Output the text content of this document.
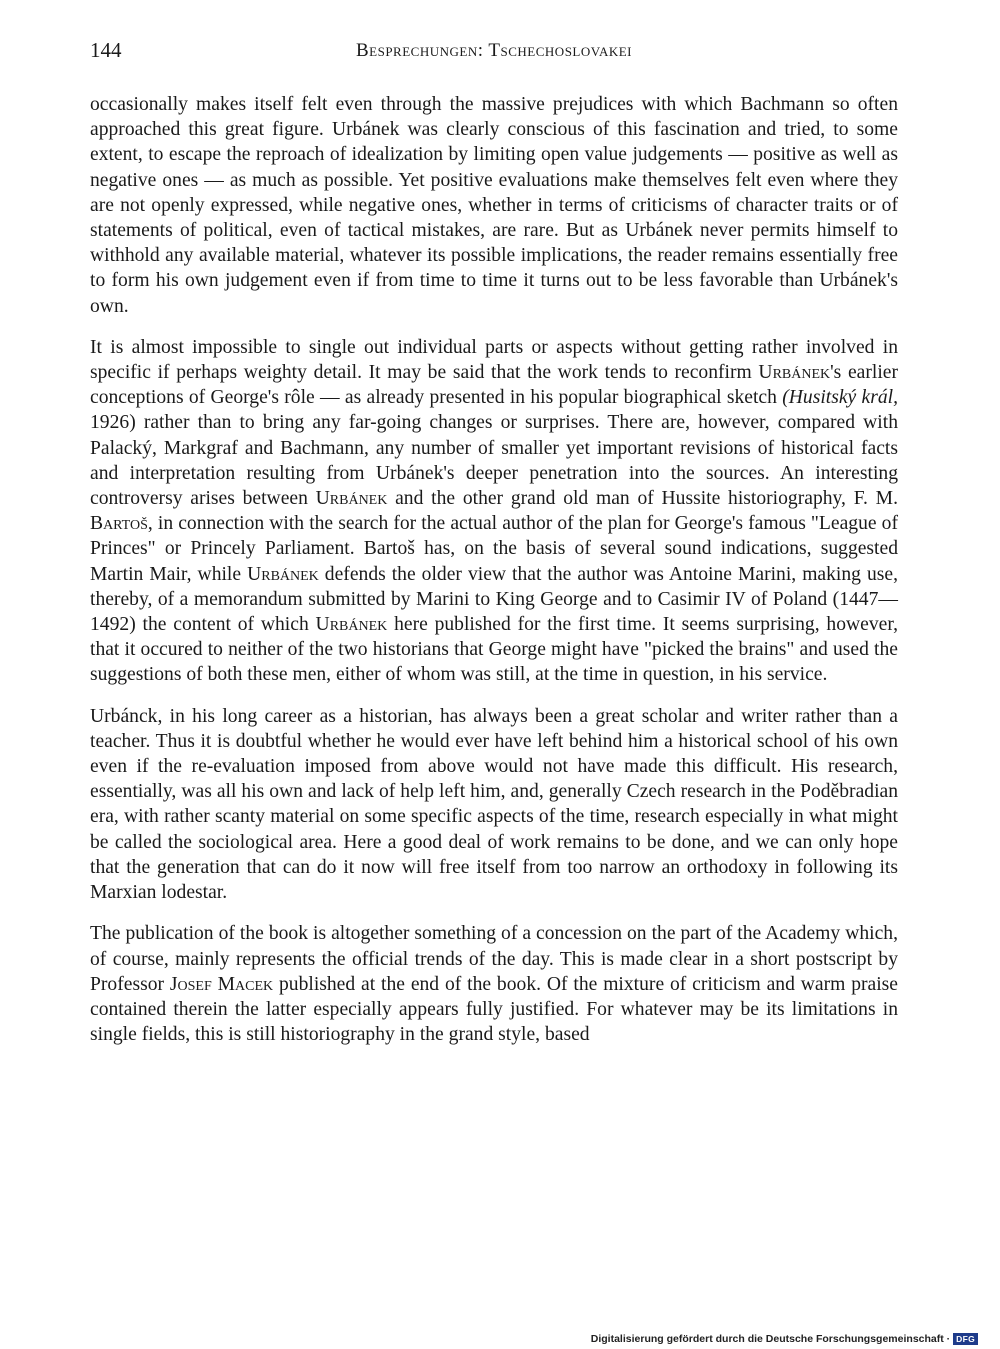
144	Besprechungen: Tschechoslovakei

occasionally makes itself felt even through the massive prejudices with which Bachmann so often approached this great figure. Urbánek was clearly conscious of this fascination and tried, to some extent, to escape the reproach of idealization by limiting open value judgements — positive as well as negative ones — as much as possible. Yet positive evaluations make themselves felt even where they are not openly expressed, while negative ones, whether in terms of criticisms of character traits or of statements of political, even of tactical mistakes, are rare. But as Urbánek never permits himself to withhold any available material, whatever its possible implications, the reader remains essentially free to form his own judgement even if from time to time it turns out to be less favorable than Urbánek's own.

It is almost impossible to single out individual parts or aspects without getting rather involved in specific if perhaps weighty detail. It may be said that the work tends to reconfirm Urbánek's earlier conceptions of George's rôle — as already presented in his popular biographical sketch (Husitský král, 1926) rather than to bring any far-going changes or surprises. There are, however, compared with Palacký, Markgraf and Bachmann, any number of smaller yet important revisions of historical facts and interpretation resulting from Urbánek's deeper penetration into the sources. An interesting controversy arises between Urbánek and the other grand old man of Hussite historiography, F. M. Bartoš, in connection with the search for the actual author of the plan for George's famous "League of Princes" or Princely Parliament. Bartoš has, on the basis of several sound indications, suggested Martin Mair, while Urbánek defends the older view that the author was Antoine Marini, making use, thereby, of a memorandum submitted by Marini to King George and to Casimir IV of Poland (1447—1492) the content of which Urbánek here published for the first time. It seems surprising, however, that it occured to neither of the two historians that George might have "picked the brains" and used the suggestions of both these men, either of whom was still, at the time in question, in his service.

Urbánck, in his long career as a historian, has always been a great scholar and writer rather than a teacher. Thus it is doubtful whether he would ever have left behind him a historical school of his own even if the re-evaluation imposed from above would not have made this difficult. His research, essentially, was all his own and lack of help left him, and, generally Czech research in the Poděbradian era, with rather scanty material on some specific aspects of the time, research especially in what might be called the sociological area. Here a good deal of work remains to be done, and we can only hope that the generation that can do it now will free itself from too narrow an orthodoxy in following its Marxian lodestar.

The publication of the book is altogether something of a concession on the part of the Academy which, of course, mainly represents the official trends of the day. This is made clear in a short postscript by Professor Josef Macek published at the end of the book. Of the mixture of criticism and warm praise contained therein the latter especially appears fully justified. For whatever may be its limitations in single fields, this is still historiography in the grand style, based

Digitalisierung gefördert durch die Deutsche Forschungsgemeinschaft · DFG
